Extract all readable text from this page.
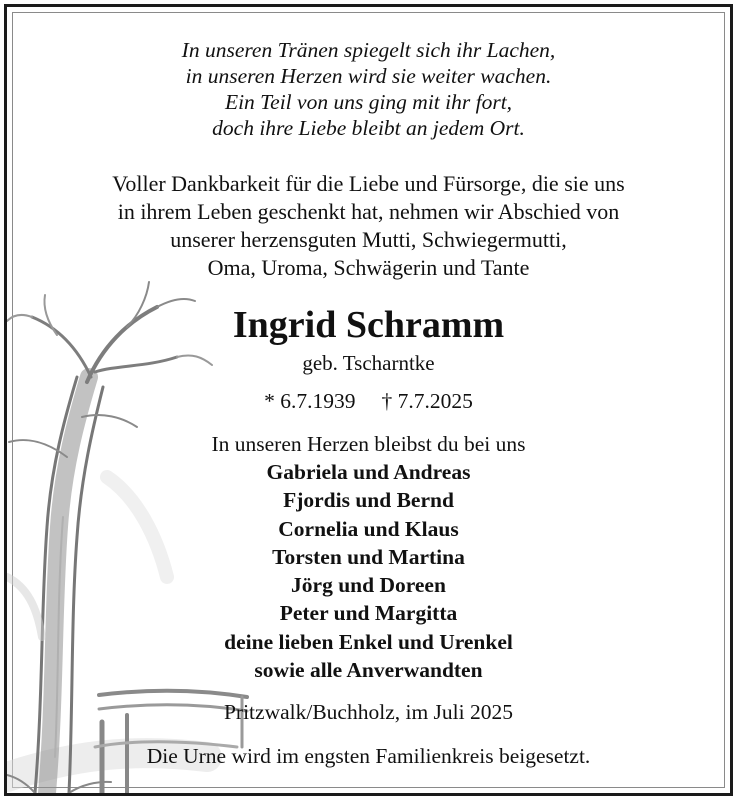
In unseren Tränen spiegelt sich ihr Lachen,
in unseren Herzen wird sie weiter wachen.
Ein Teil von uns ging mit ihr fort,
doch ihre Liebe bleibt an jedem Ort.
Voller Dankbarkeit für die Liebe und Fürsorge, die sie uns
in ihrem Leben geschenkt hat, nehmen wir Abschied von
unserer herzensguten Mutti, Schwiegermutti,
Oma, Uroma, Schwägerin und Tante
Ingrid Schramm
geb. Tscharntke
* 6.7.1939 † 7.7.2025
In unseren Herzen bleibst du bei uns
Gabriela und Andreas
Fjordis und Bernd
Cornelia und Klaus
Torsten und Martina
Jörg und Doreen
Peter und Margitta
deine lieben Enkel und Urenkel
sowie alle Anverwandten
Pritzwalk/Buchholz, im Juli 2025
Die Urne wird im engsten Familienkreis beigesetzt.
